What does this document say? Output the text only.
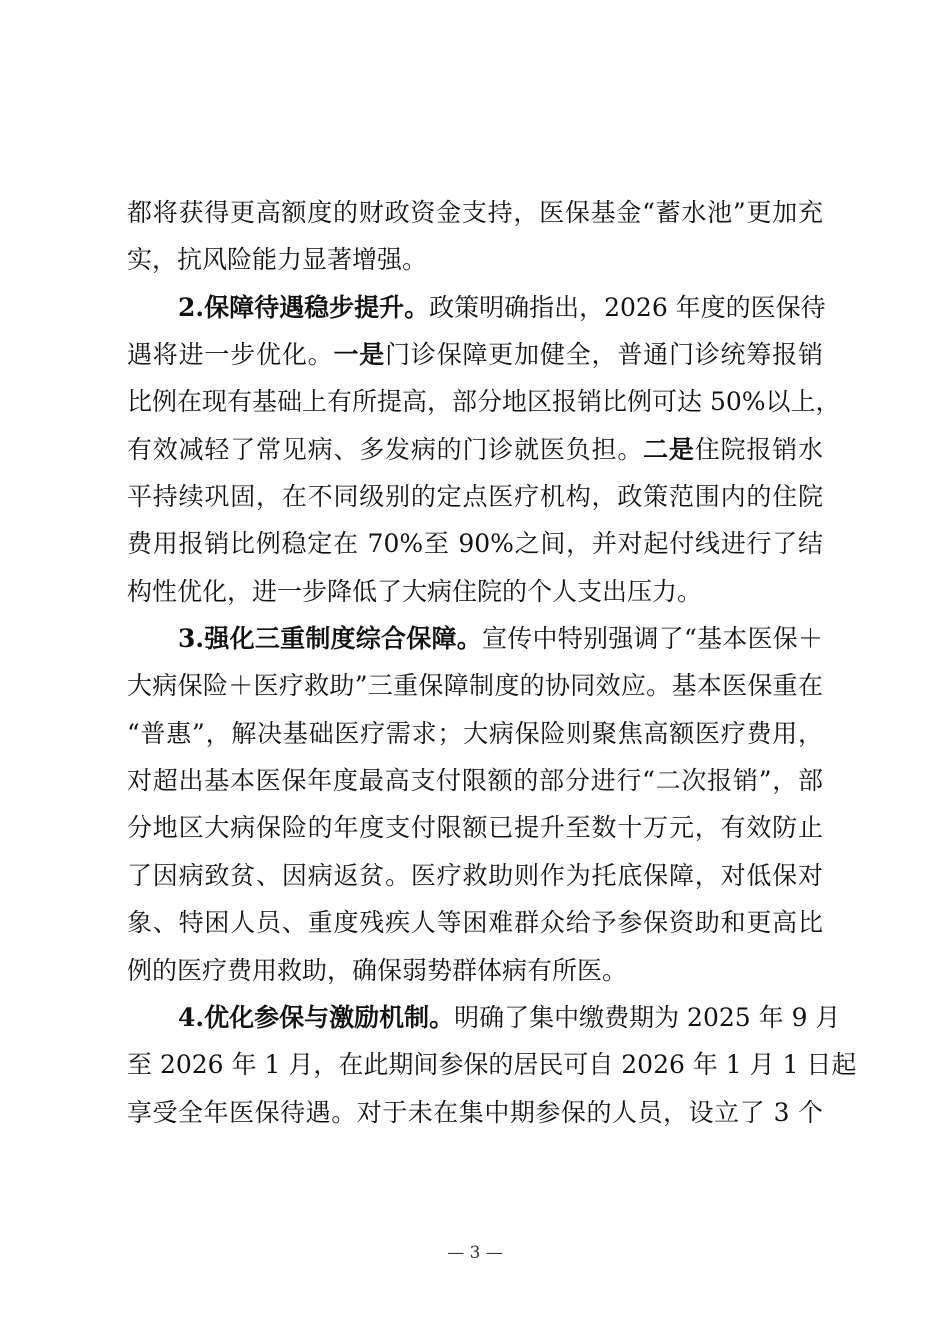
都将获得更高额度的财政资金支持，医保基金“蓄水池”更加充
实，抗风险能力显著增强。
2.保障待遇稳步提升。政策明确指出，2026 年度的医保待
遇将进一步优化。一是门诊保障更加健全，普通门诊统筹报销
比例在现有基础上有所提高，部分地区报销比例可达 50%以上，
有效减轻了常见病、多发病的门诊就医负担。二是住院报销水
平持续巩固，在不同级别的定点医疗机构，政策范围内的住院
费用报销比例稳定在 70%至 90%之间，并对起付线进行了结
构性优化，进一步降低了大病住院的个人支出压力。
3.强化三重制度综合保障。宣传中特别强调了“基本医保＋
大病保险＋医疗救助”三重保障制度的协同效应。基本医保重在
“普惠”，解决基础医疗需求；大病保险则聚焦高额医疗费用，
对超出基本医保年度最高支付限额的部分进行“二次报销”，部
分地区大病保险的年度支付限额已提升至数十万元，有效防止
了因病致贫、因病返贫。医疗救助则作为托底保障，对低保对
象、特困人员、重度残疾人等困难群众给予参保资助和更高比
例的医疗费用救助，确保弱势群体病有所医。
4.优化参保与激励机制。明确了集中缴费期为 2025 年 9 月
至 2026 年 1 月，在此期间参保的居民可自 2026 年 1 月 1 日起
享受全年医保待遇。对于未在集中期参保的人员，设立了 3 个
— 3 —
